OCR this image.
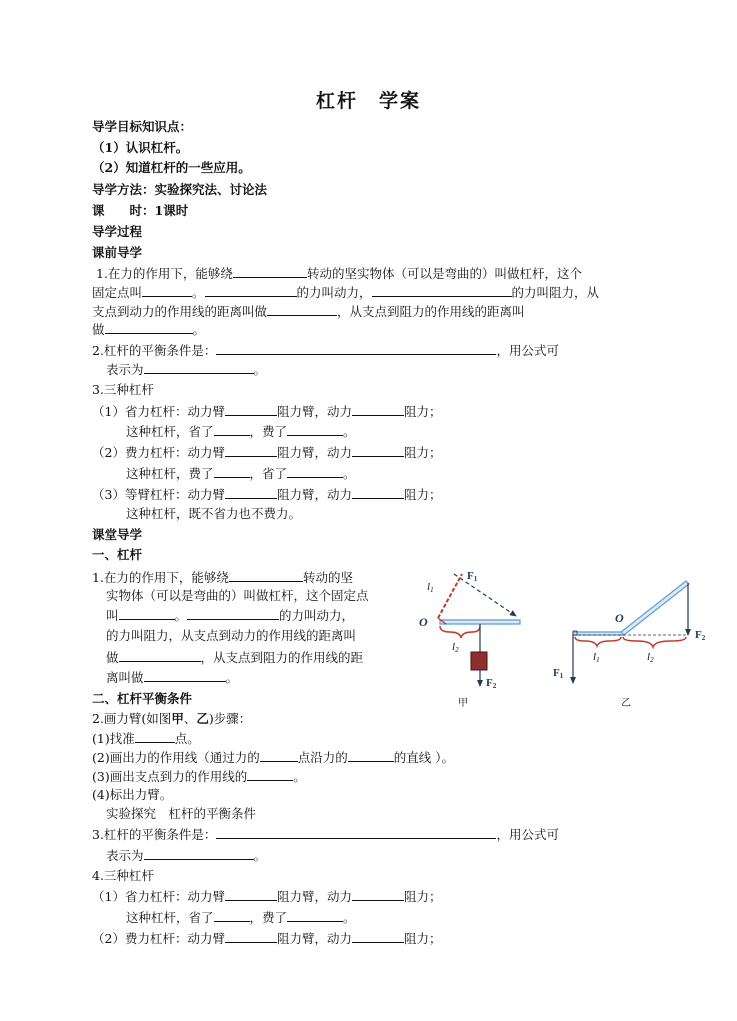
杠杆　学案
导学目标知识点：
（1）认识杠杆。
（2）知道杠杆的一些应用。
导学方法：实验探究法、讨论法
课　　时：1课时
导学过程
课前导学
1.在力的作用下，能够绕	转动的坚实物体（可以是弯曲的）叫做杠杆，这个
固定点叫	。	的力叫动力，	的力叫阻力，从
支点到动力的作用线的距离叫做	，从支点到阻力的作用线的距离叫
做	。
2.杠杆的平衡条件是：	，用公式可
表示为	。
3.三种杠杆
（1）省力杠杆：动力臂	阻力臂，动力	阻力；
这种杠杆，省了	，费了	。
（2）费力杠杆：动力臂	阻力臂，动力	阻力；
这种杠杆，费了	，省了	。
（3）等臂杠杆：动力臂	阻力臂，动力	阻力；
这种杠杆，既不省力也不费力。
课堂导学
一、杠杆
1.在力的作用下，能够绕	转动的坚
实物体（可以是弯曲的）叫做杠杆，这个固定点
叫	。	的力叫动力，
的力叫阻力，从支点到动力的作用线的距离叫
做	，从支点到阻力的作用线的距
离叫做	。
二、杠杆平衡条件
2.画力臂(如图甲、乙)步骤：
(1)找准	点。
(2)画出力的作用线（通过力的	点沿力的	的直线 ）。
(3)画出支点到力的作用线的	。
(4)标出力臂。
实验探究　杠杆的平衡条件
3.杠杆的平衡条件是：	，用公式可
表示为	。
4.三种杠杆
（1）省力杠杆：动力臂	阻力臂，动力	阻力；
这种杠杆，省了	，费了	。
（2）费力杠杆：动力臂	阻力臂，动力	阻力；
F1
l1
O
l2
F2
甲
O
F2
F1
l1	l2
乙
